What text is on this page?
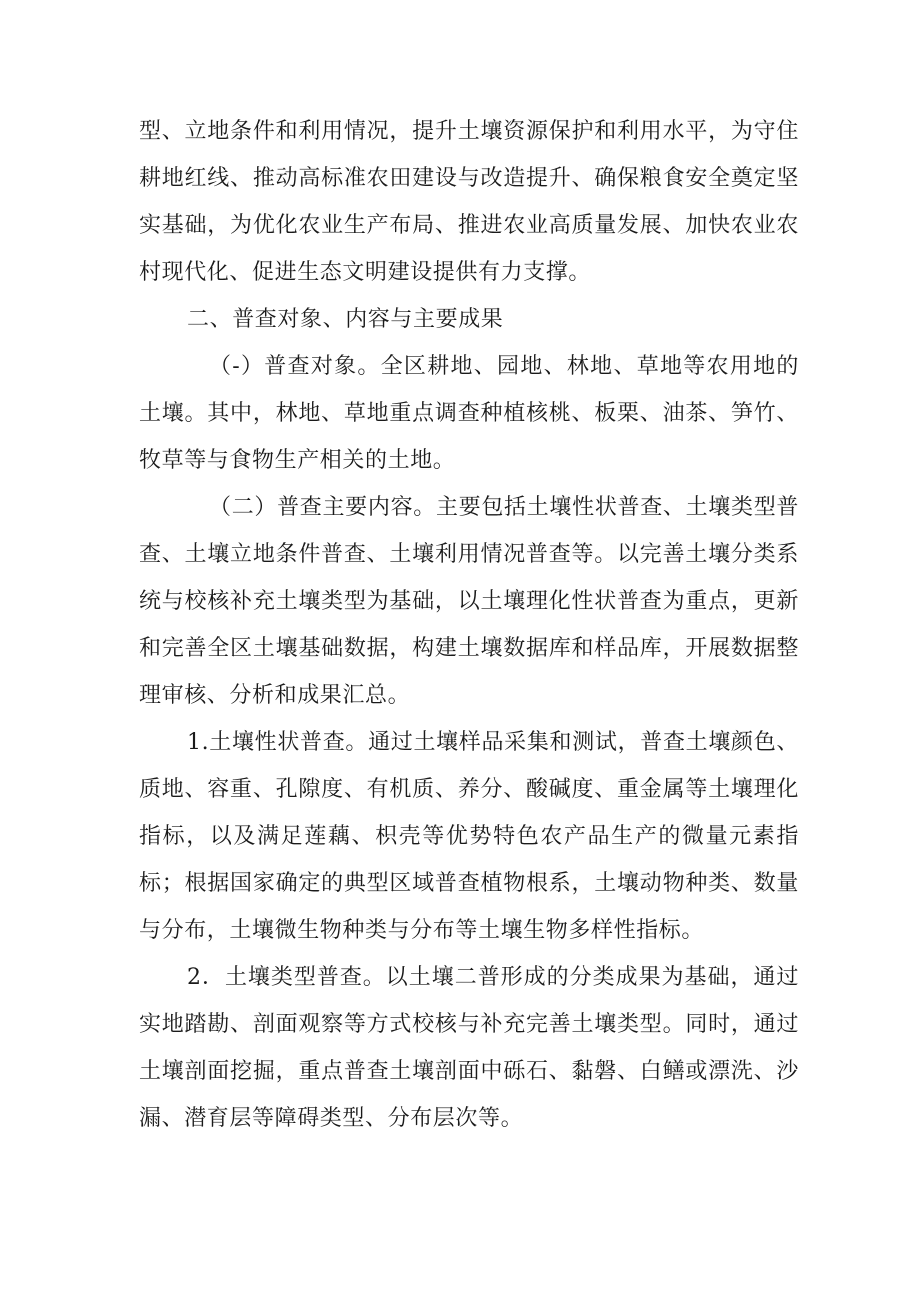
型、立地条件和利用情况，提升土壤资源保护和利用水平，为守住耕地红线、推动高标准农田建设与改造提升、确保粮食安全奠定坚实基础，为优化农业生产布局、推进农业高质量发展、加快农业农村现代化、促进生态文明建设提供有力支撑。

二、普查对象、内容与主要成果

（-）普查对象。全区耕地、园地、林地、草地等农用地的土壤。其中，林地、草地重点调查种植核桃、板栗、油茶、笋竹、牧草等与食物生产相关的土地。

（二）普查主要内容。主要包括土壤性状普查、土壤类型普查、土壤立地条件普查、土壤利用情况普查等。以完善土壤分类系统与校核补充土壤类型为基础，以土壤理化性状普查为重点，更新和完善全区土壤基础数据，构建土壤数据库和样品库，开展数据整理审核、分析和成果汇总。

1.土壤性状普查。通过土壤样品采集和测试，普查土壤颜色、质地、容重、孔隙度、有机质、养分、酸碱度、重金属等土壤理化指标，以及满足莲藕、枳壳等优势特色农产品生产的微量元素指标；根据国家确定的典型区域普查植物根系，土壤动物种类、数量与分布，土壤微生物种类与分布等土壤生物多样性指标。

2．土壤类型普查。以土壤二普形成的分类成果为基础，通过实地踏勘、剖面观察等方式校核与补充完善土壤类型。同时，通过土壤剖面挖掘，重点普查土壤剖面中砾石、黏磐、白鳝或漂洗、沙漏、潜育层等障碍类型、分布层次等。
